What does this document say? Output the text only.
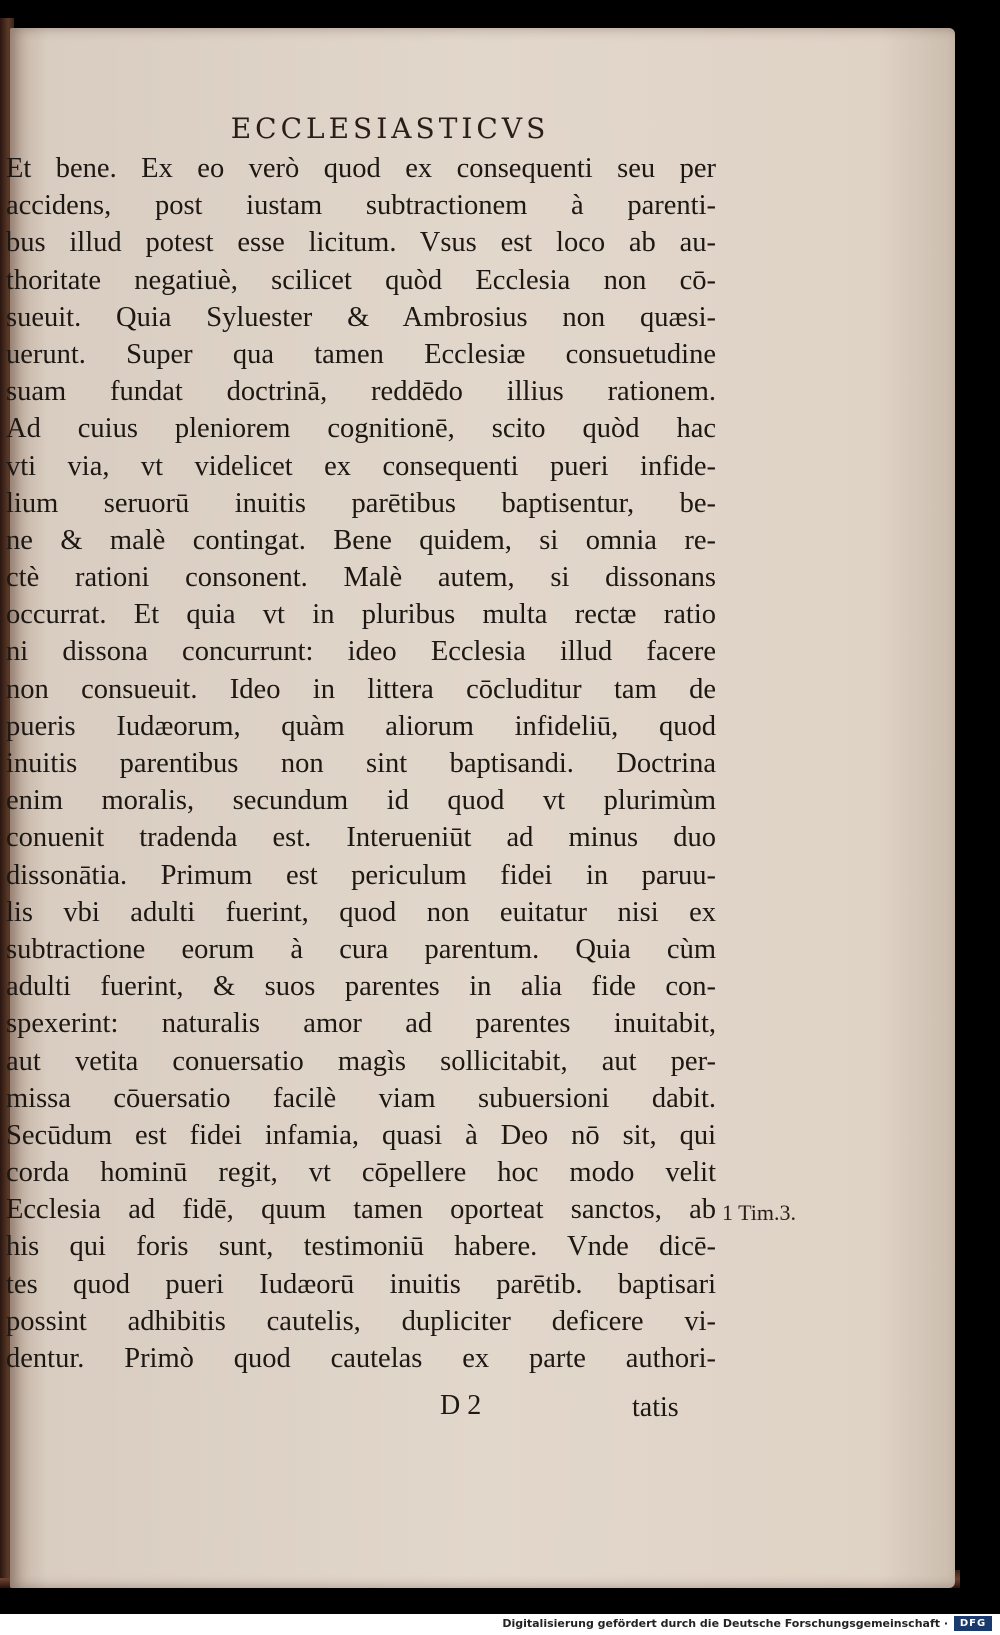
ECCLESIASTICVS
Et bene. Ex eo verò quod ex consequenti seu per
accidens, post iustam subtractionem à parenti-
bus illud potest esse licitum. Vsus est loco ab au-
thoritate negatiuè, scilicet quòd Ecclesia non cō-
sueuit. Quia Syluester & Ambrosius non quæsi-
uerunt. Super qua tamen Ecclesiæ consuetudine
suam fundat doctrinā, reddēdo illius rationem.
Ad cuius pleniorem cognitionē, scito quòd hac
vti via, vt videlicet ex consequenti pueri infide-
lium seruorū inuitis parētibus baptisentur, be-
ne & malè contingat. Bene quidem, si omnia re-
ctè rationi consonent. Malè autem, si dissonans
occurrat. Et quia vt in pluribus multa rectæ ratio
ni dissona concurrunt: ideo Ecclesia illud facere
non consueuit. Ideo in littera cōcluditur tam de
pueris Iudæorum, quàm aliorum infideliū, quod
inuitis parentibus non sint baptisandi. Doctrina
enim moralis, secundum id quod vt plurimùm
conuenit tradenda est. Interueniūt ad minus duo
dissonātia. Primum est periculum fidei in paruu-
lis vbi adulti fuerint, quod non euitatur nisi ex
subtractione eorum à cura parentum. Quia cùm
adulti fuerint, & suos parentes in alia fide con-
spexerint: naturalis amor ad parentes inuitabit,
aut vetita conuersatio magìs sollicitabit, aut per-
missa cōuersatio facilè viam subuersioni dabit.
Secūdum est fidei infamia, quasi à Deo nō sit, qui
corda hominū regit, vt cōpellere hoc modo velit
Ecclesia ad fidē, quum tamen oporteat sanctos, ab
his qui foris sunt, testimoniū habere. Vnde dicē-
tes quod pueri Iudæorū inuitis parētib. baptisari
possint adhibitis cautelis, dupliciter deficere vi-
dentur. Primò quod cautelas ex parte authori-
1 Tim.3.
D 2	tatis
Digitalisierung gefördert durch die Deutsche Forschungsgemeinschaft ·	DFG
